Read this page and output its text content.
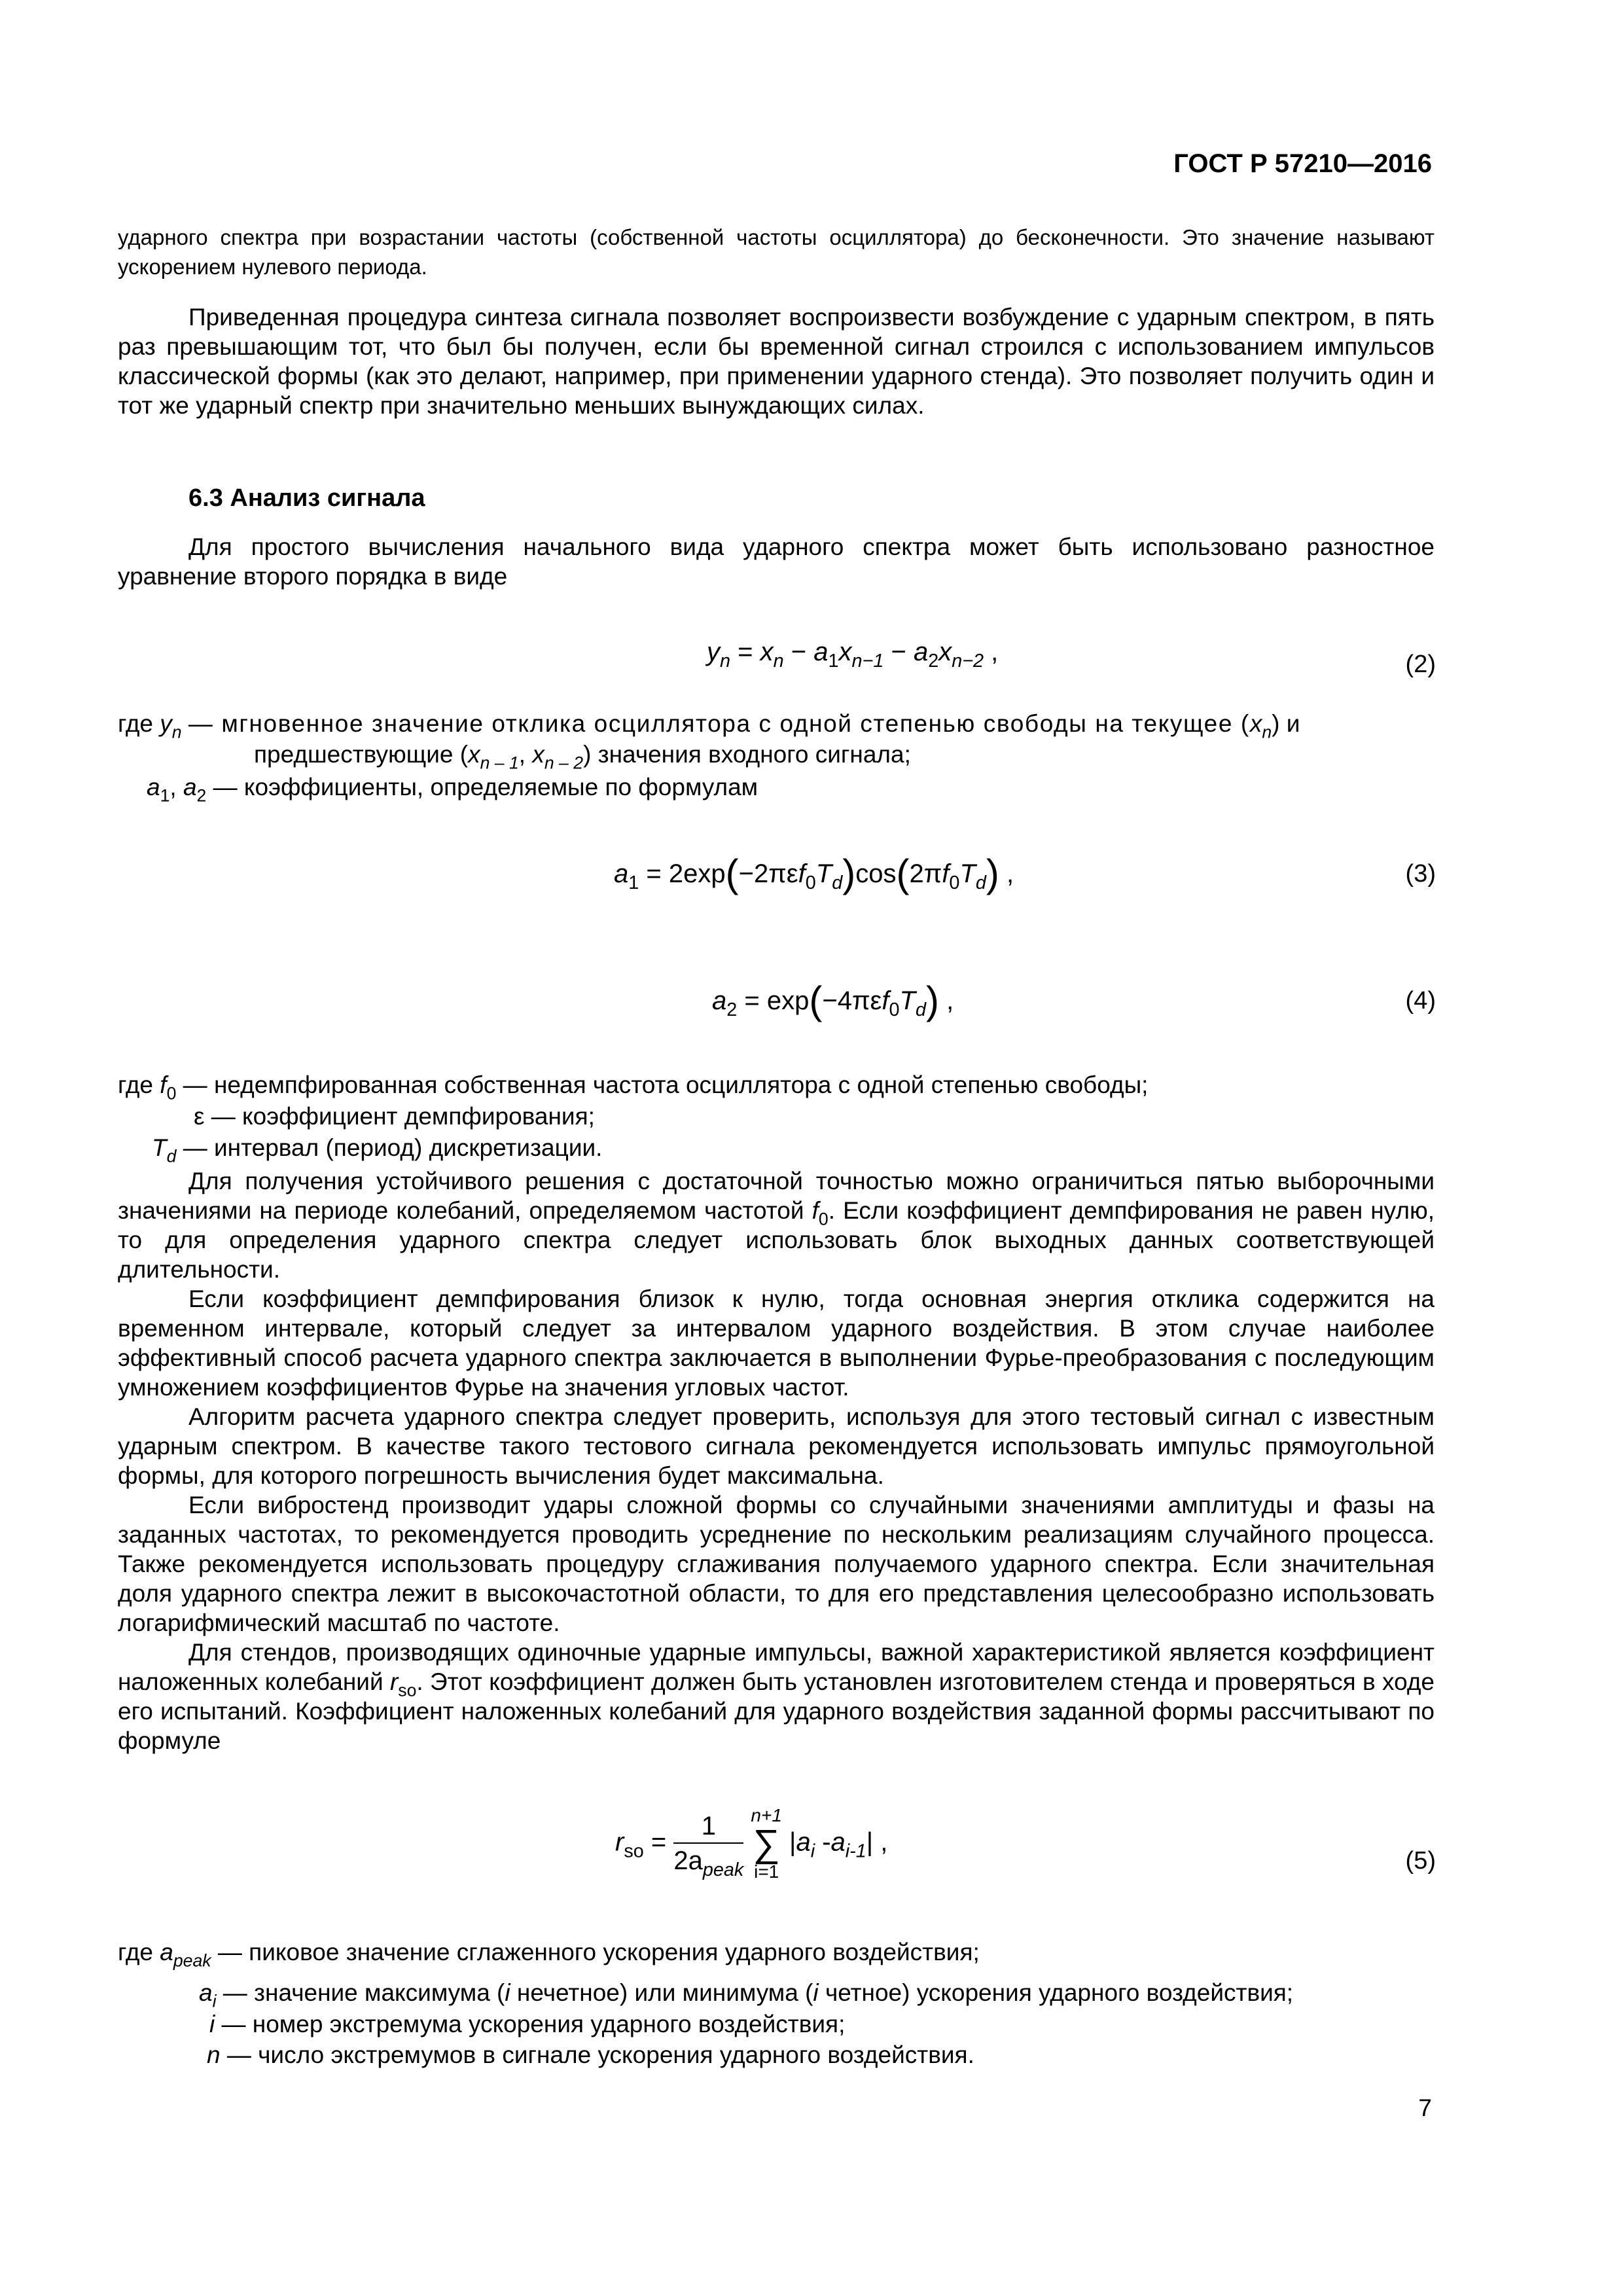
ГОСТ Р 57210—2016
ударного спектра при возрастании частоты (собственной частоты осциллятора) до бесконечности. Это значение называют ускорением нулевого периода.
Приведенная процедура синтеза сигнала позволяет воспроизвести возбуждение с ударным спектром, в пять раз превышающим тот, что был бы получен, если бы временной сигнал строился с использованием импульсов классической формы (как это делают, например, при применении ударного стенда). Это позволяет получить один и тот же ударный спектр при значительно меньших вынуждающих силах.
6.3 Анализ сигнала
Для простого вычисления начального вида ударного спектра может быть использовано разностное уравнение второго порядка в виде
$y_n = x_n - a_1x_{n-1} - a_2x_{n-2}$ ,	(2)
где $y_n$ — мгновенное значение отклика осциллятора с одной степенью свободы на текущее $(x_n)$ и
предшествующие ($x_{n - 1}$, $x_{n - 2}$) значения входного сигнала;
$a_1$, $a_2$ — коэффициенты, определяемые по формулам
$a_1 = 2\exp(-2\pi\varepsilon f_0T_d)\cos(2\pi f_0T_d)$ ,	(3)
$a_2 = \exp(-4\pi\varepsilon f_0T_d)$ ,	(4)
где $f_0$ — недемпфированная собственная частота осциллятора с одной степенью свободы;
ε — коэффициент демпфирования;
$T_d$ — интервал (период) дискретизации.
Для получения устойчивого решения с достаточной точностью можно ограничиться пятью выборочными значениями на периоде колебаний, определяемом частотой $f_0$. Если коэффициент демпфирования не равен нулю, то для определения ударного спектра следует использовать блок выходных данных соответствующей длительности.
Если коэффициент демпфирования близок к нулю, тогда основная энергия отклика содержится на временном интервале, который следует за интервалом ударного воздействия. В этом случае наиболее эффективный способ расчета ударного спектра заключается в выполнении Фурье-преобразования с последующим умножением коэффициентов Фурье на значения угловых частот.
Алгоритм расчета ударного спектра следует проверить, используя для этого тестовый сигнал с известным ударным спектром. В качестве такого тестового сигнала рекомендуется использовать импульс прямоугольной формы, для которого погрешность вычисления будет максимальна.
Если вибростенд производит удары сложной формы со случайными значениями амплитуды и фазы на заданных частотах, то рекомендуется проводить усреднение по нескольким реализациям случайного процесса. Также рекомендуется использовать процедуру сглаживания получаемого ударного спектра. Если значительная доля ударного спектра лежит в высокочастотной области, то для его представления целесообразно использовать логарифмический масштаб по частоте.
Для стендов, производящих одиночные ударные импульсы, важной характеристикой является коэффициент наложенных колебаний $r_{so}$. Этот коэффициент должен быть установлен изготовителем стенда и проверяться в ходе его испытаний. Коэффициент наложенных колебаний для ударного воздействия заданной формы рассчитывают по формуле
$r_{so} = \frac{1}{2a_{peak}}$
n+1
∑
i=1
$|a_i$ $-a_{i-1}|$ ,
(5)
где $a_{peak}$ — пиковое значение сглаженного ускорения ударного воздействия;
$a_i$ — значение максимума (i нечетное) или минимума (i четное) ускорения ударного воздействия;
i — номер экстремума ускорения ударного воздействия;
n — число экстремумов в сигнале ускорения ударного воздействия.
7
